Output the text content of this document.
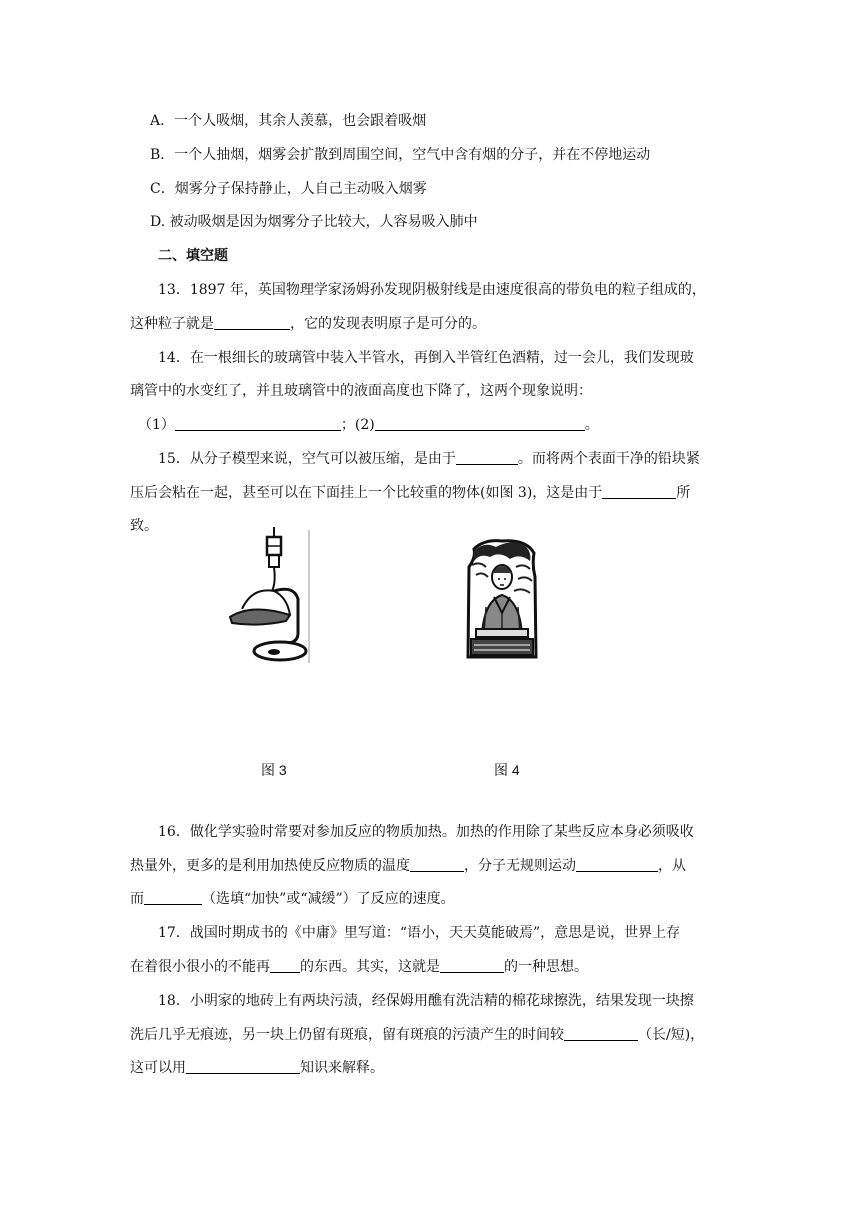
A．一个人吸烟，其余人羡慕，也会跟着吸烟
B．一个人抽烟，烟雾会扩散到周围空间，空气中含有烟的分子，并在不停地运动
C．烟雾分子保持静止，人自己主动吸入烟雾
D. 被动吸烟是因为烟雾分子比较大，人容易吸入肺中
二、填空题
13．1897 年，英国物理学家汤姆孙发现阴极射线是由速度很高的带负电的粒子组成的，
这种粒子就是	，它的发现表明原子是可分的。
14．在一根细长的玻璃管中装入半管水，再倒入半管红色酒精，过一会儿，我们发现玻
璃管中的水变红了，并且玻璃管中的液面高度也下降了，这两个现象说明：
（1）	；(2)	。
15．从分子模型来说，空气可以被压缩，是由于	。而将两个表面干净的铅块紧
压后会粘在一起，甚至可以在下面挂上一个比较重的物体(如图 3)，这是由于	所
致。
图 3	图 4
16．做化学实验时常要对参加反应的物质加热。加热的作用除了某些反应本身必须吸收
热量外，更多的是利用加热使反应物质的温度	，分子无规则运动	，从
而	（选填“加快”或“减缓”）了反应的速度。
17．战国时期成书的《中庸》里写道：“语小，天天莫能破焉”，意思是说，世界上存
在着很小很小的不能再 的东西。其实，这就是	的一种思想。
18．小明家的地砖上有两块污渍，经保姆用醮有洗洁精的棉花球擦洗，结果发现一块擦
洗后几乎无痕迹，另一块上仍留有斑痕，留有斑痕的污渍产生的时间较	（长/短)，
这可以用	知识来解释。
